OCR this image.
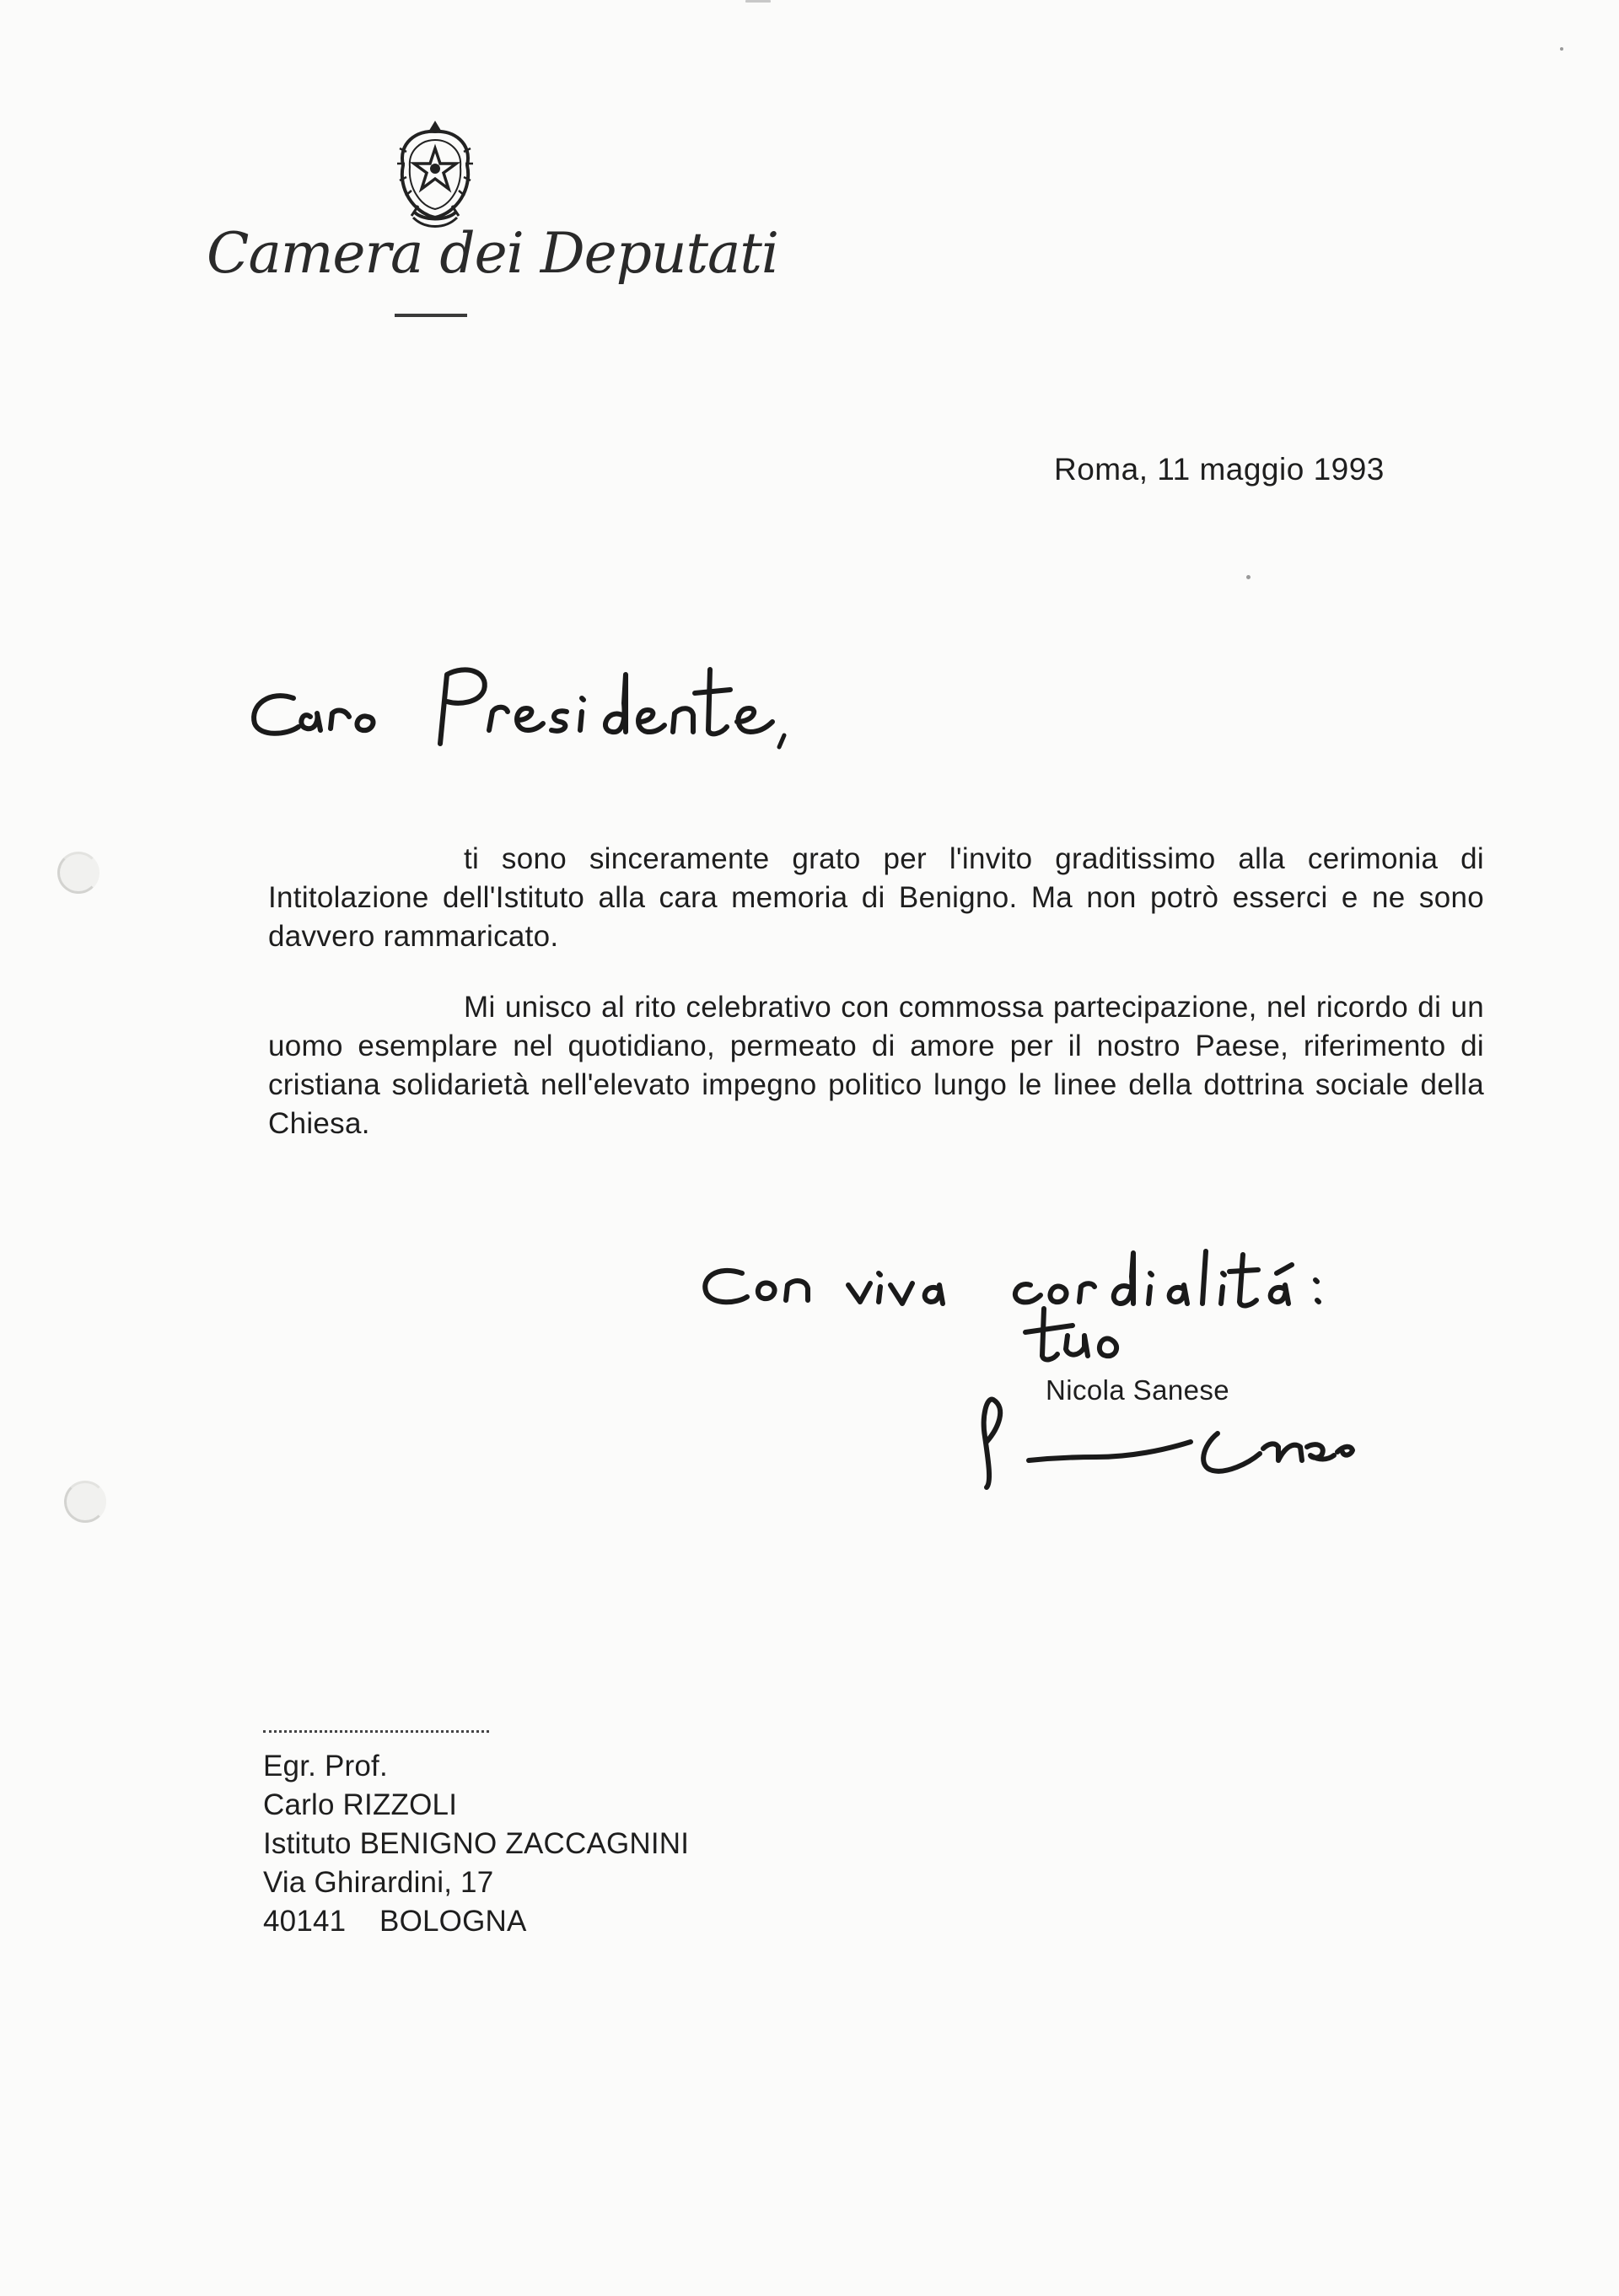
Camera dei Deputati
Roma, 11 maggio 1993
ti sono sinceramente grato per l'invito graditissimo alla cerimonia di Intitolazione dell'Istituto alla cara memoria di Benigno. Ma non potrò esserci e ne sono davvero rammaricato.
Mi unisco al rito celebrativo con commossa partecipazione, nel ricordo di un uomo esemplare nel quotidiano, permeato di amore per il nostro Paese, riferimento di cristiana solidarietà nell'elevato impegno politico lungo le linee della dottrina sociale della Chiesa.
Nicola Sanese
Egr. Prof.
Carlo RIZZOLI
Istituto BENIGNO ZACCAGNINI
Via Ghirardini, 17
40141    BOLOGNA
